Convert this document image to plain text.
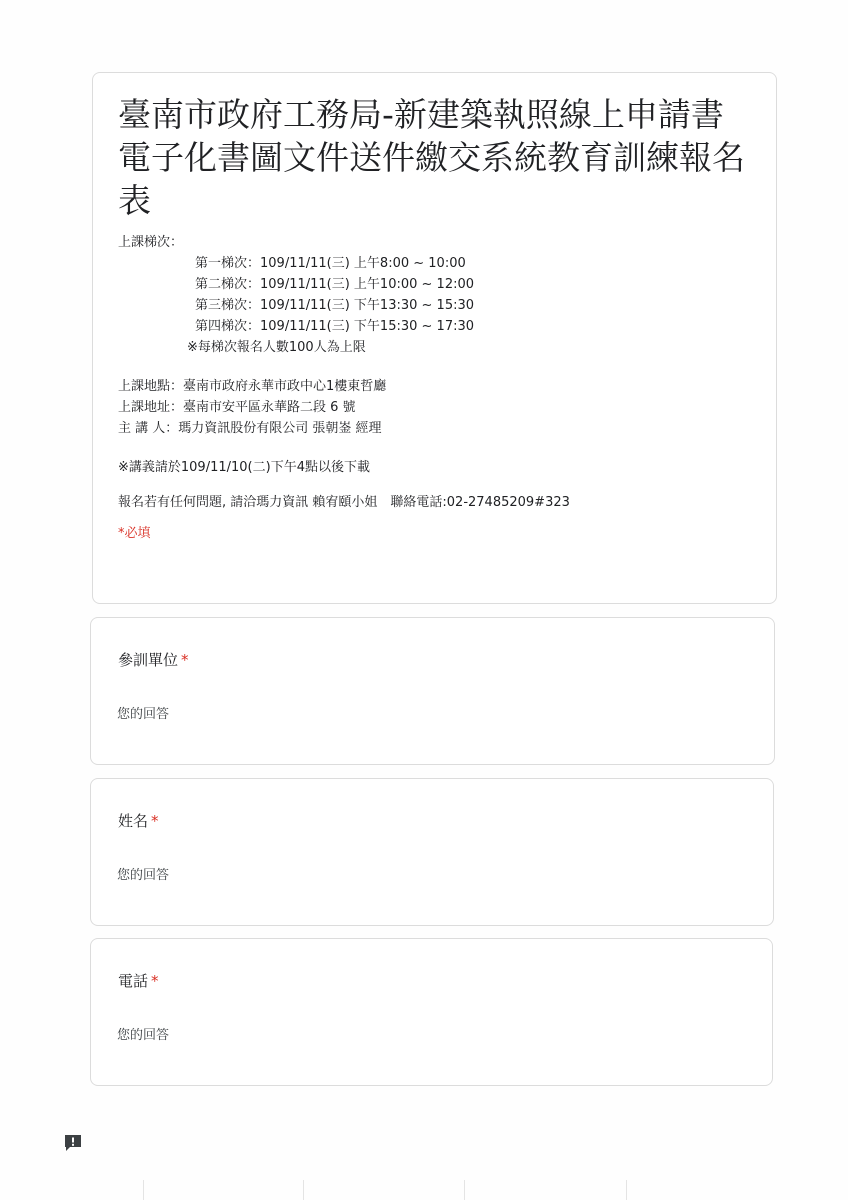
臺南市政府工務局-新建築執照線上申請書電子化書圖文件送件繳交系統教育訓練報名表

上課梯次：

第一梯次：109/11/11(三) 上午8:00 ~ 10:00

第二梯次：109/11/11(三) 上午10:00 ~ 12:00

第三梯次：109/11/11(三) 下午13:30 ~ 15:30

第四梯次：109/11/11(三) 下午15:30 ~ 17:30

※每梯次報名人數100人為上限

上課地點：臺南市政府永華市政中心1樓東哲廳

上課地址：臺南市安平區永華路二段 6 號

主 講 人：瑪力資訊股份有限公司 張朝崟 經理

※講義請於109/11/10(二)下午4點以後下載

報名若有任何問題, 請洽瑪力資訊 賴宥頤小姐　聯絡電話:02-27485209#323

*必填

參訓單位 *
您的回答
姓名 *
您的回答
電話 *
您的回答
